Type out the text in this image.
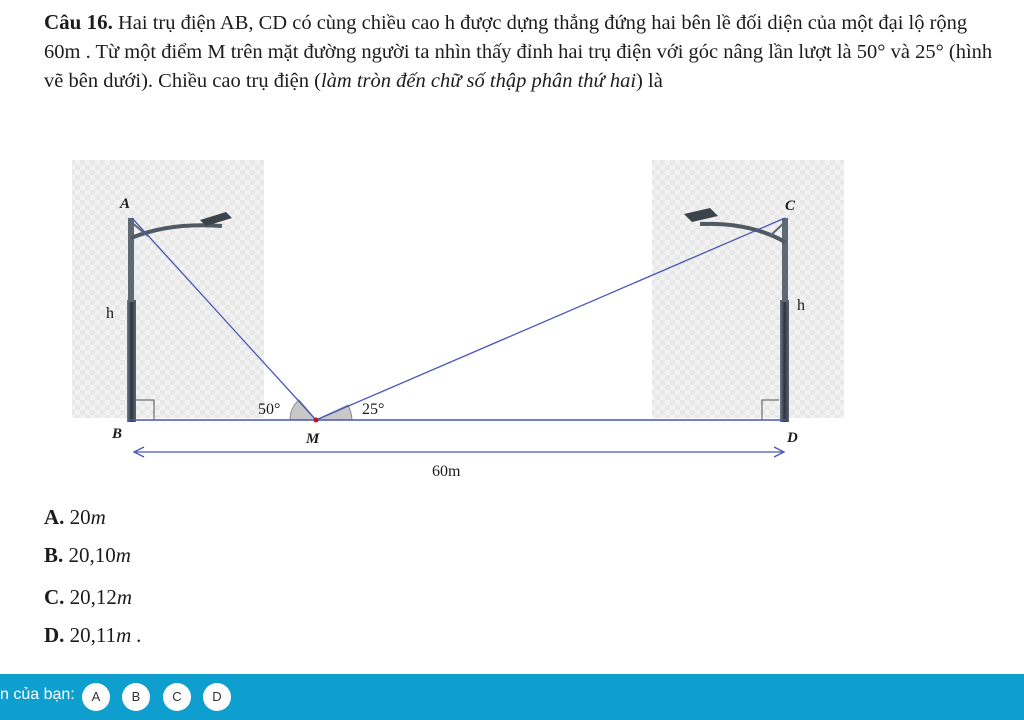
Câu 16. Hai trụ điện AB, CD có cùng chiều cao h được dựng thẳng đứng hai bên lề đối diện của một đại lộ rộng 60m . Từ một điểm M trên mặt đường người ta nhìn thấy đỉnh hai trụ điện với góc nâng lần lượt là 50° và 25° (hình vẽ bên dưới). Chiều cao trụ điện (làm tròn đến chữ số thập phân thứ hai) là
A	C
B	D
M
h	h
50°	25°
60m
A. 20m
B. 20,10m
C. 20,12m
D. 20,11m .
n của bạn:	A	B	C	D
